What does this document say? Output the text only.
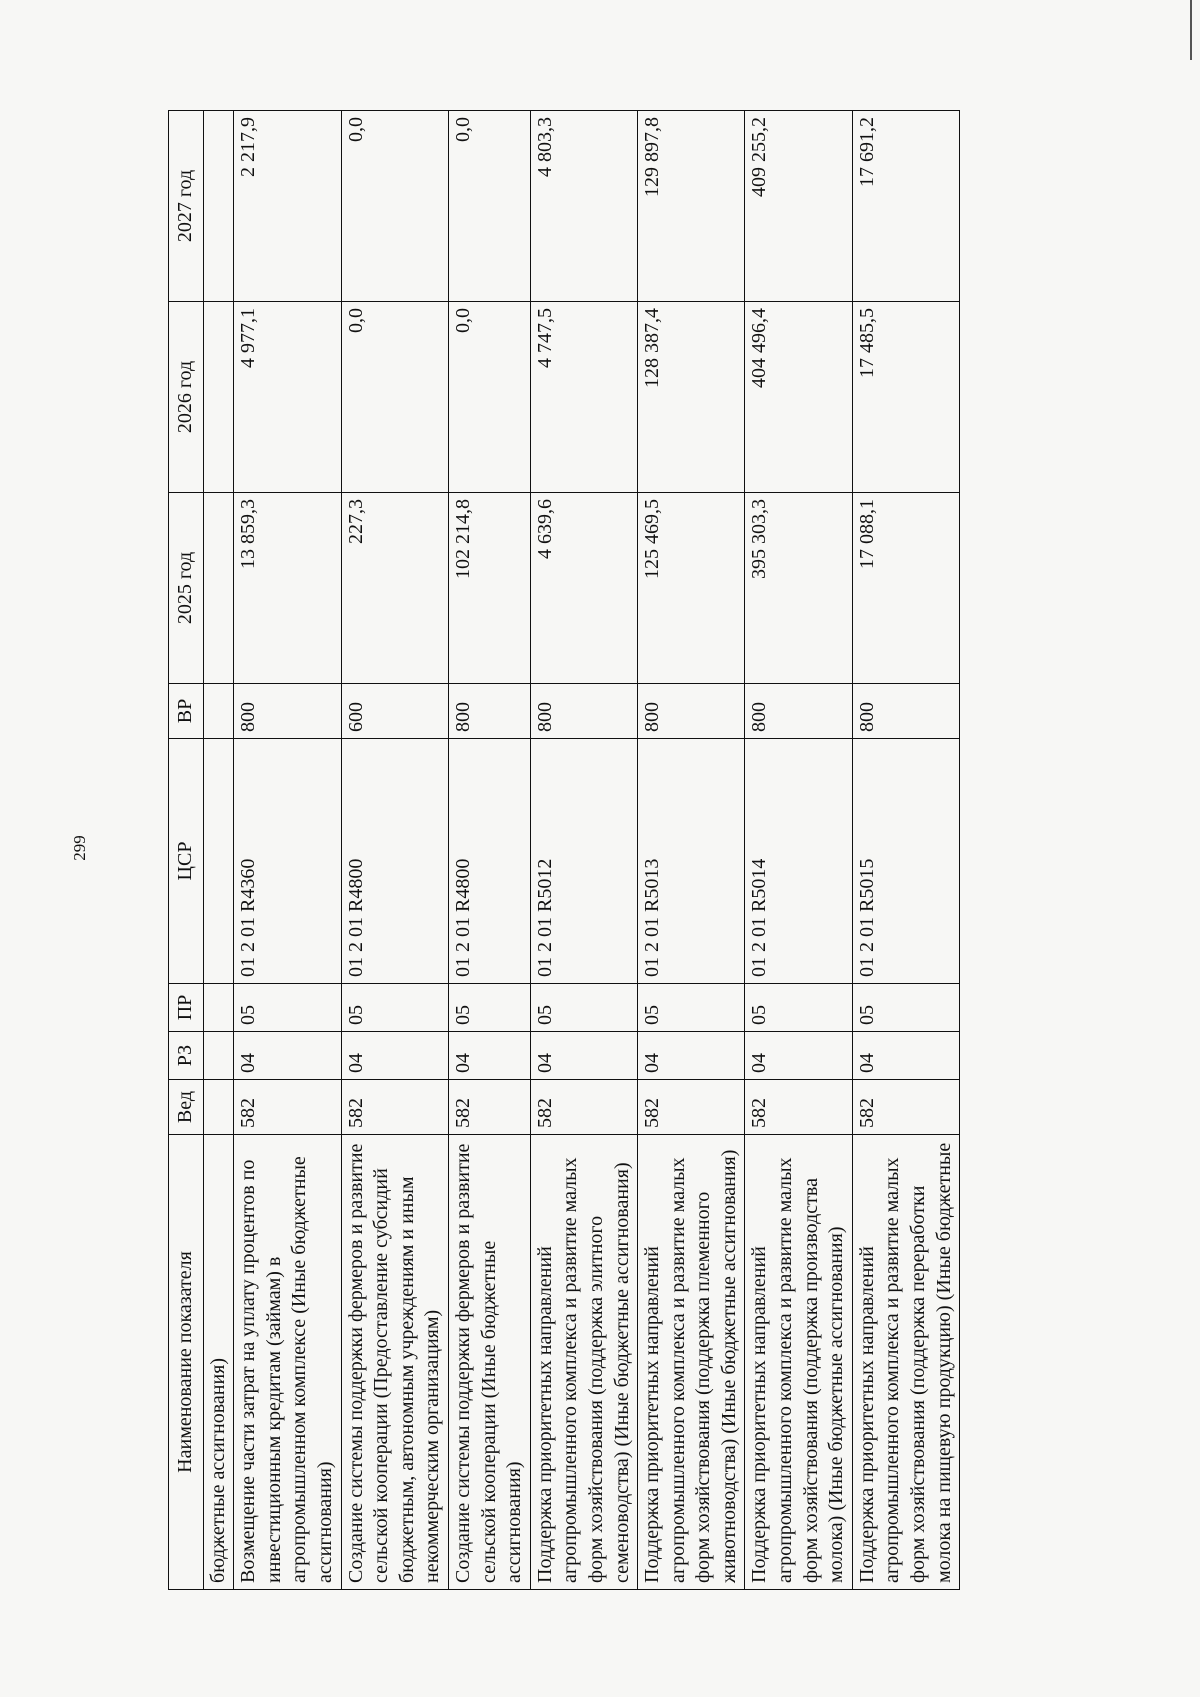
299
Наименование показателя	Вед	РЗ	ПР	ЦСР	ВР	2025 год	2026 год	2027 год
бюджетные ассигнования)								
Возмещение части затрат на уплату процентов по инвестиционным кредитам (займам) в агропромышленном комплексе (Иные бюджетные ассигнования)	582	04	05	01 2 01 R4360	800	13 859,3	4 977,1	2 217,9
Создание системы поддержки фермеров и развитие сельской кооперации (Предоставление субсидий бюджетным, автономным учреждениям и иным некоммерческим организациям)	582	04	05	01 2 01 R4800	600	227,3	0,0	0,0
Создание системы поддержки фермеров и развитие сельской кооперации (Иные бюджетные ассигнования)	582	04	05	01 2 01 R4800	800	102 214,8	0,0	0,0
Поддержка приоритетных направлений агропромышленного комплекса и развитие малых форм хозяйствования (поддержка элитного семеноводства) (Иные бюджетные ассигнования)	582	04	05	01 2 01 R5012	800	4 639,6	4 747,5	4 803,3
Поддержка приоритетных направлений агропромышленного комплекса и развитие малых форм хозяйствования (поддержка племенного животноводства) (Иные бюджетные ассигнования)	582	04	05	01 2 01 R5013	800	125 469,5	128 387,4	129 897,8
Поддержка приоритетных направлений агропромышленного комплекса и развитие малых форм хозяйствования (поддержка производства молока) (Иные бюджетные ассигнования)	582	04	05	01 2 01 R5014	800	395 303,3	404 496,4	409 255,2
Поддержка приоритетных направлений агропромышленного комплекса и развитие малых форм хозяйствования (поддержка переработки молока на пищевую продукцию) (Иные бюджетные	582	04	05	01 2 01 R5015	800	17 088,1	17 485,5	17 691,2
